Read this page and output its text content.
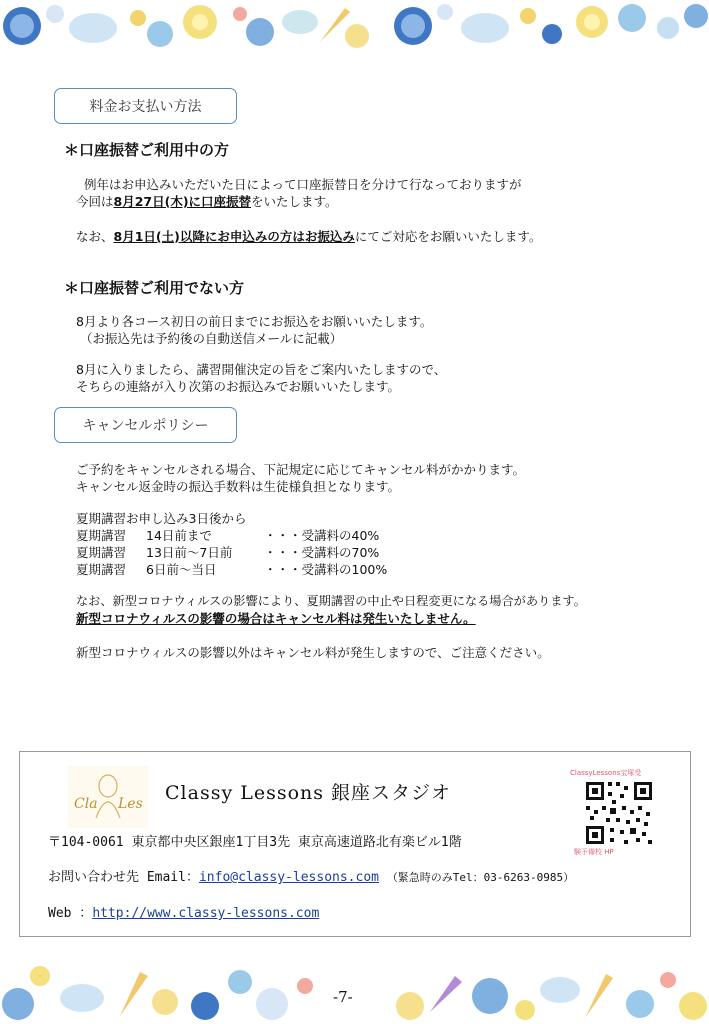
料金お支払い方法
＊口座振替ご利用中の方
例年はお申込みいただいた日によって口座振替日を分けて行なっておりますが
今回は8月27日(木)に口座振替をいたします。
なお、8月1日(土)以降にお申込みの方はお振込みにてご対応をお願いいたします。
＊口座振替ご利用でない方
8月より各コース初日の前日までにお振込をお願いいたします。
（お振込先は予約後の自動送信メールに記載）
8月に入りましたら、講習開催決定の旨をご案内いたしますので、
そちらの連絡が入り次第のお振込みでお願いいたします。
キャンセルポリシー
ご予約をキャンセルされる場合、下記規定に応じてキャンセル料がかかります。
キャンセル返金時の振込手数料は生徒様負担となります。
夏期講習お申し込み3日後から
夏期講習 14日前まで	・・・受講料の40%
夏期講習 13日前～7日前	・・・受講料の70%
夏期講習 6日前～当日	・・・受講料の100%
なお、新型コロナウィルスの影響により、夏期講習の中止や日程変更になる場合があります。
新型コロナウィルスの影響の場合はキャンセル料は発生いたしません。
新型コロナウィルスの影響以外はキャンセル料が発生しますので、ご注意ください。
Cla Les Classy Lessons 銀座スタジオ
〒104-0061 東京都中央区銀座1丁目3先 東京高速道路北有楽ビル1階
お問い合わせ先 Email：info@classy-lessons.com （緊急時のみTel：03-6263-0985）
Web ：http://www.classy-lessons.com
ClassyLessons宝塚受
験予備校 HP
-7-
